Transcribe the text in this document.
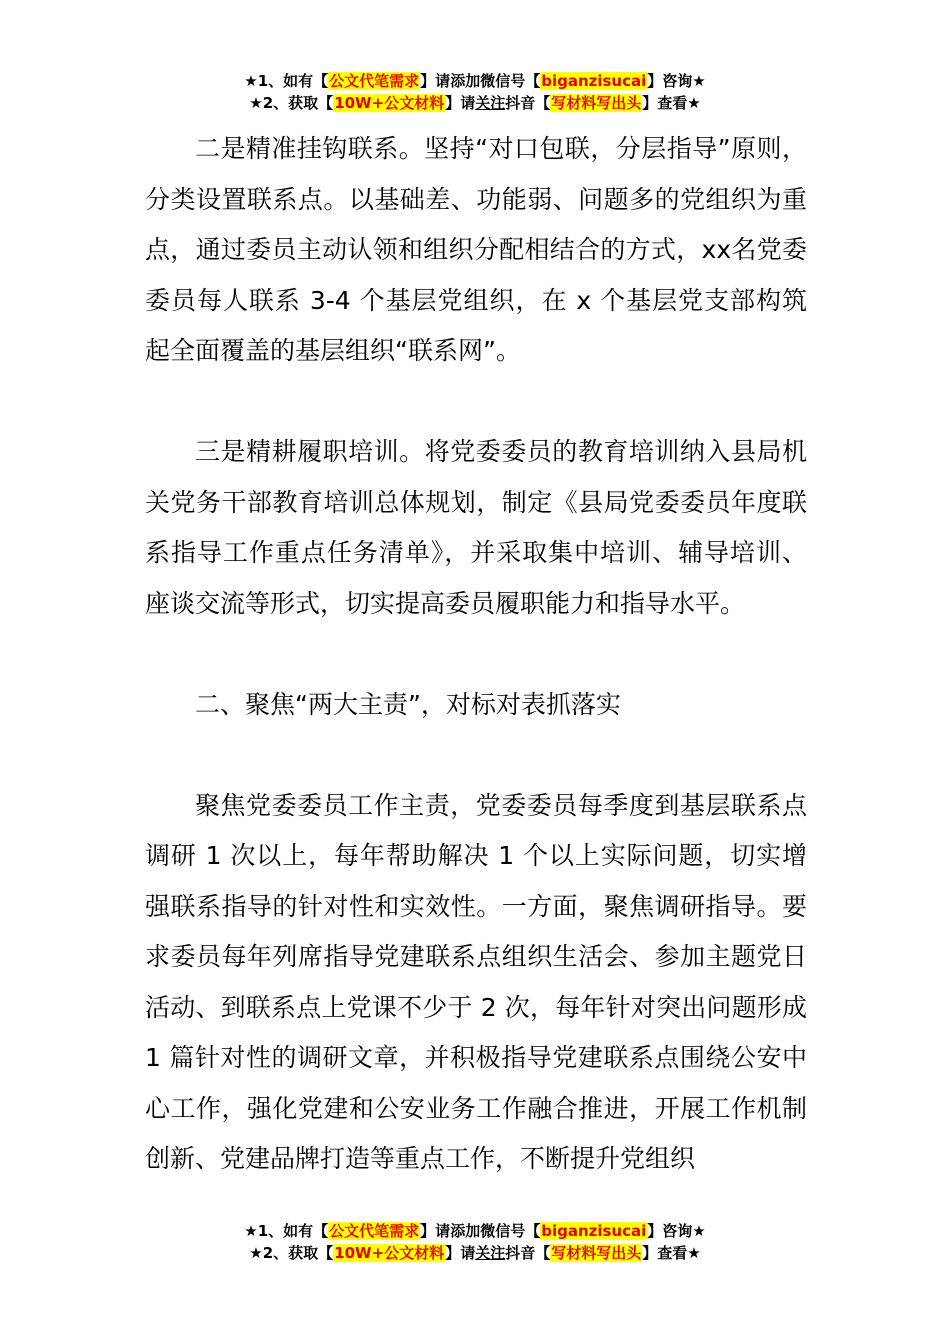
★1、如有【公文代笔需求】请添加微信号【biganzisucai】咨询★
★2、获取【10W+公文材料】请关注抖音【写材料写出头】查看★

二是精准挂钩联系。坚持“对口包联，分层指导”原则，分类设置联系点。以基础差、功能弱、问题多的党组织为重点，通过委员主动认领和组织分配相结合的方式，xx名党委委员每人联系 3-4 个基层党组织，在 x 个基层党支部构筑起全面覆盖的基层组织“联系网”。

三是精耕履职培训。将党委委员的教育培训纳入县局机关党务干部教育培训总体规划，制定《县局党委委员年度联系指导工作重点任务清单》，并采取集中培训、辅导培训、座谈交流等形式，切实提高委员履职能力和指导水平。

二、聚焦“两大主责”，对标对表抓落实

聚焦党委委员工作主责，党委委员每季度到基层联系点调研 1 次以上，每年帮助解决 1 个以上实际问题，切实增强联系指导的针对性和实效性。一方面，聚焦调研指导。要求委员每年列席指导党建联系点组织生活会、参加主题党日活动、到联系点上党课不少于 2 次，每年针对突出问题形成 1 篇针对性的调研文章，并积极指导党建联系点围绕公安中心工作，强化党建和公安业务工作融合推进，开展工作机制创新、党建品牌打造等重点工作，不断提升党组织

★1、如有【公文代笔需求】请添加微信号【biganzisucai】咨询★
★2、获取【10W+公文材料】请关注抖音【写材料写出头】查看★
